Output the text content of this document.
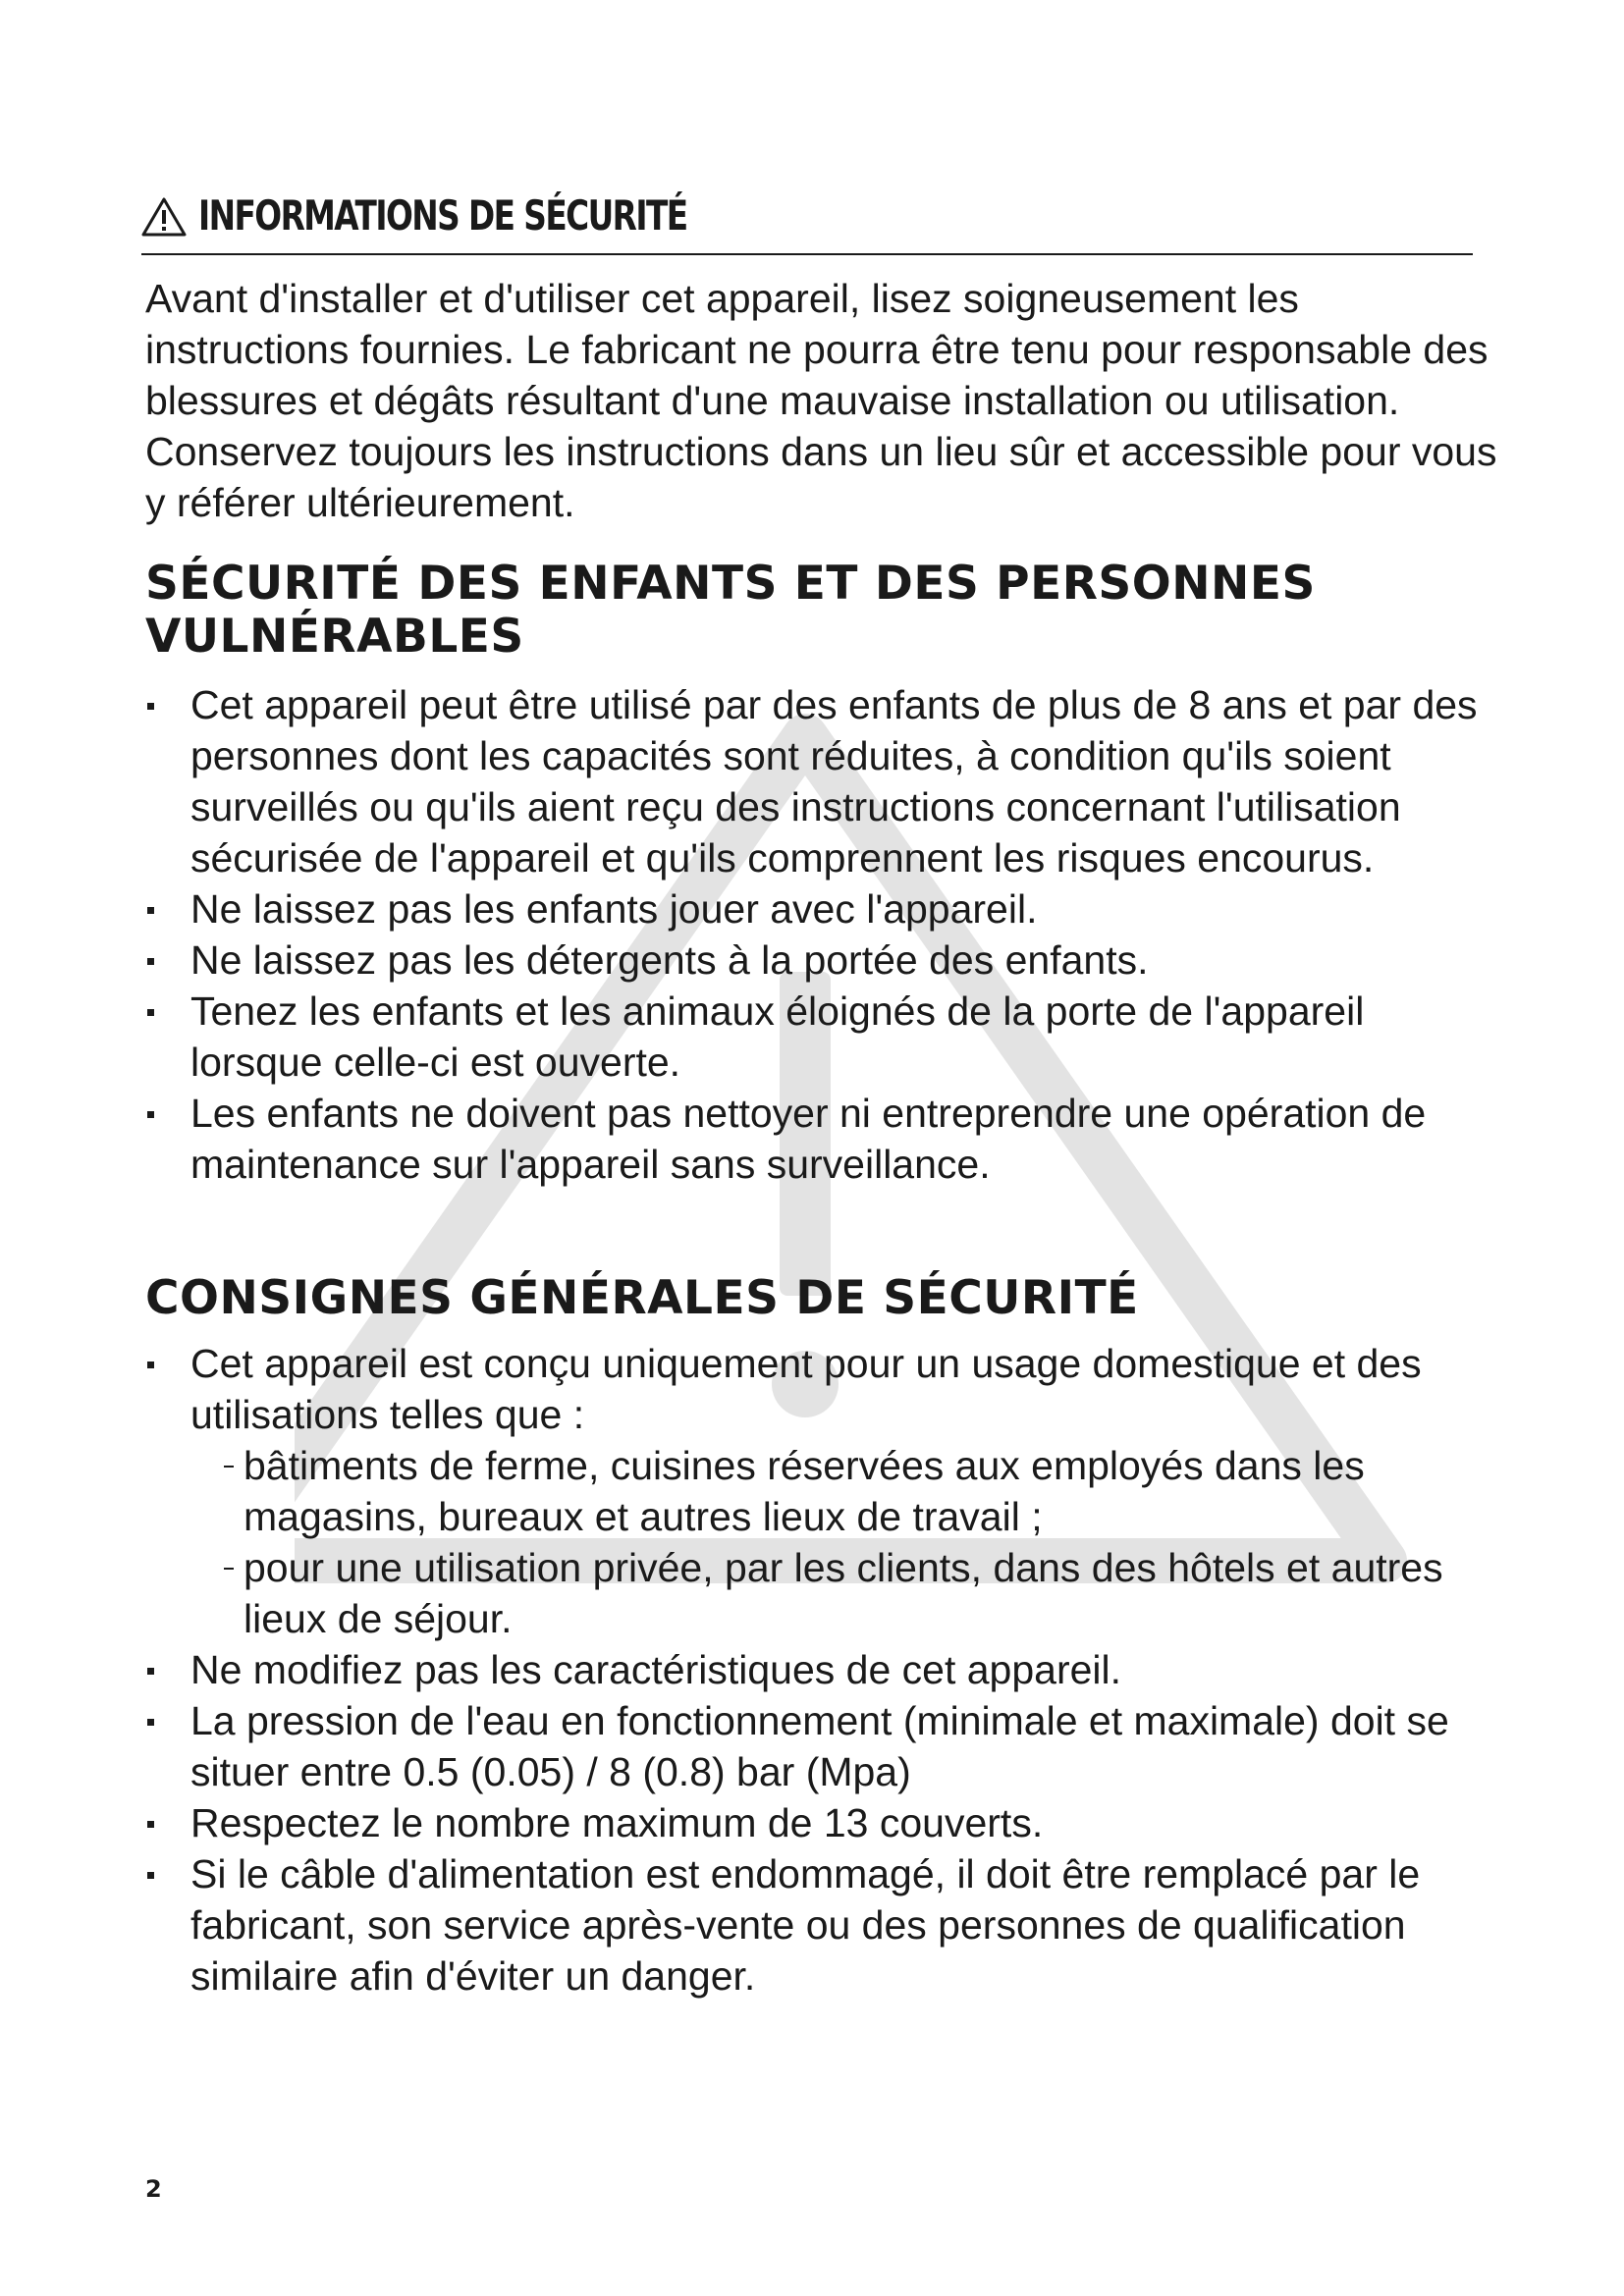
INFORMATIONS DE SÉCURITÉ

Avant d'installer et d'utiliser cet appareil, lisez soigneusement les instructions fournies. Le fabricant ne pourra être tenu pour responsable des blessures et dégâts résultant d'une mauvaise installation ou utilisation. Conservez toujours les instructions dans un lieu sûr et accessible pour vous y référer ultérieurement.

SÉCURITÉ DES ENFANTS ET DES PERSONNES VULNÉRABLES
Cet appareil peut être utilisé par des enfants de plus de 8 ans et par des personnes dont les capacités sont réduites, à condition qu'ils soient surveillés ou qu'ils aient reçu des instructions concernant l'utilisation sécurisée de l'appareil et qu'ils comprennent les risques encourus.
Ne laissez pas les enfants jouer avec l'appareil.
Ne laissez pas les détergents à la portée des enfants.
Tenez les enfants et les animaux éloignés de la porte de l'appareil lorsque celle-ci est ouverte.
Les enfants ne doivent pas nettoyer ni entreprendre une opération de maintenance sur l'appareil sans surveillance.
CONSIGNES GÉNÉRALES DE SÉCURITÉ
Cet appareil est conçu uniquement pour un usage domestique et des utilisations telles que :
bâtiments de ferme, cuisines réservées aux employés dans les magasins, bureaux et autres lieux de travail ;
pour une utilisation privée, par les clients, dans des hôtels et autres lieux de séjour.
Ne modifiez pas les caractéristiques de cet appareil.
La pression de l'eau en fonctionnement (minimale et maximale) doit se situer entre 0.5 (0.05) / 8 (0.8) bar (Mpa)
Respectez le nombre maximum de 13 couverts.
Si le câble d'alimentation est endommagé, il doit être remplacé par le fabricant, son service après-vente ou des personnes de qualification similaire afin d'éviter un danger.
2
